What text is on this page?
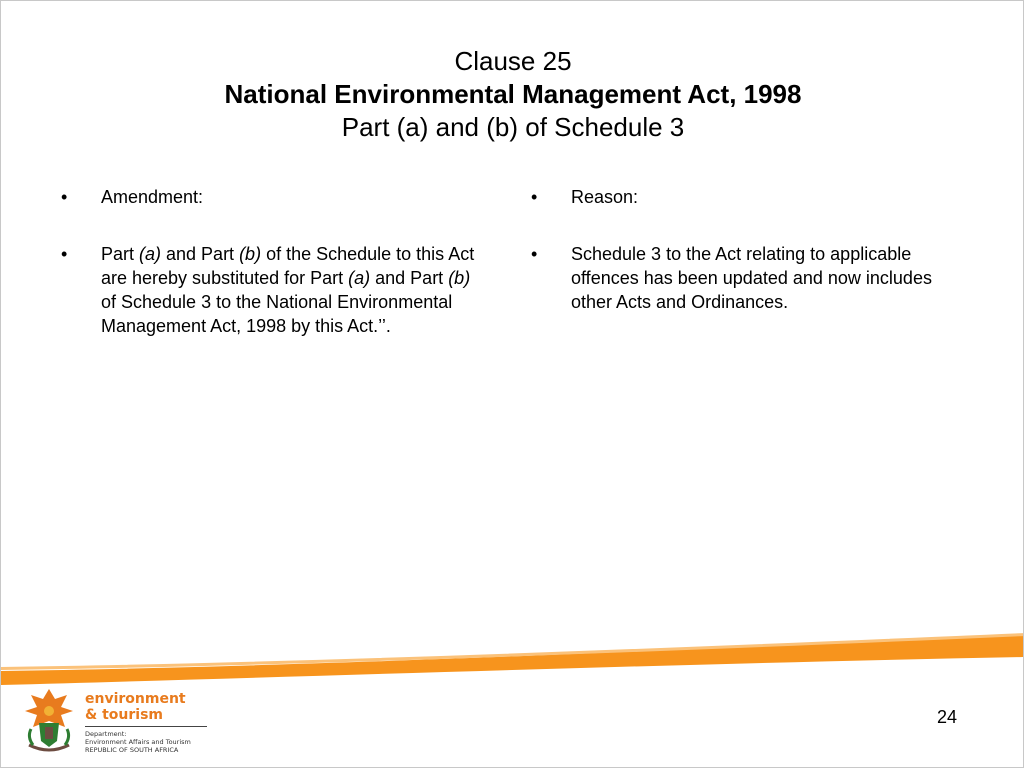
Clause 25
National Environmental Management Act, 1998
Part (a) and (b) of Schedule 3
•	Amendment:
•	Part (a) and Part (b) of the Schedule to this Act are hereby substituted for Part (a) and Part (b) of Schedule 3 to the National Environmental Management Act, 1998 by this Act.’’.
•	Reason:
•	Schedule 3 to the Act relating to applicable offences has been updated and now includes other Acts and Ordinances.
environment
& tourism
Department:
Environment Affairs and Tourism
REPUBLIC OF SOUTH AFRICA
24
